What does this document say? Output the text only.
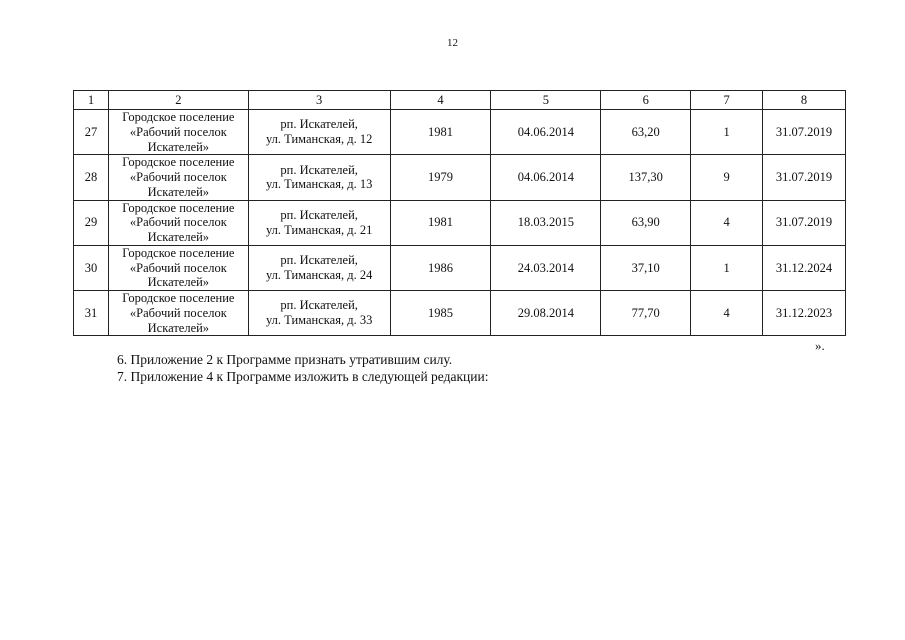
12
1	2	3	4	5	6	7	8
27	Городское поселение
«Рабочий поселок
Искателей»	рп. Искателей,
ул. Тиманская, д. 12	1981	04.06.2014	63,20	1	31.07.2019
28	Городское поселение
«Рабочий поселок
Искателей»	рп. Искателей,
ул. Тиманская, д. 13	1979	04.06.2014	137,30	9	31.07.2019
29	Городское поселение
«Рабочий поселок
Искателей»	рп. Искателей,
ул. Тиманская, д. 21	1981	18.03.2015	63,90	4	31.07.2019
30	Городское поселение
«Рабочий поселок
Искателей»	рп. Искателей,
ул. Тиманская, д. 24	1986	24.03.2014	37,10	1	31.12.2024
31	Городское поселение
«Рабочий поселок
Искателей»	рп. Искателей,
ул. Тиманская, д. 33	1985	29.08.2014	77,70	4	31.12.2023
».

6. Приложение 2 к Программе признать утратившим силу.

7. Приложение 4 к Программе изложить в следующей редакции:
